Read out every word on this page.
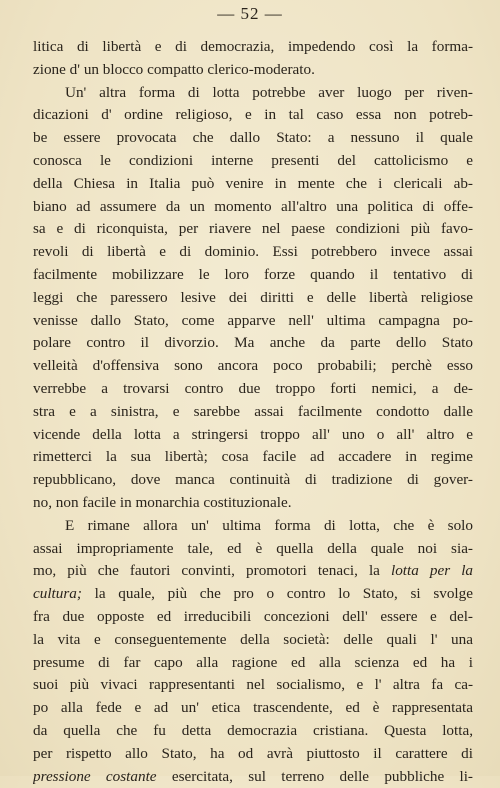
— 52 —
litica di libertà e di democrazia, impedendo così la forma-
zione d' un blocco compatto clerico-moderato.
Un' altra forma di lotta potrebbe aver luogo per riven-
dicazioni d' ordine religioso, e in tal caso essa non potreb-
be essere provocata che dallo Stato: a nessuno il quale
conosca le condizioni interne presenti del cattolicismo e
della Chiesa in Italia può venire in mente che i clericali ab-
biano ad assumere da un momento all'altro una politica di offe-
sa e di riconquista, per riavere nel paese condizioni più favo-
revoli di libertà e di dominio. Essi potrebbero invece assai
facilmente mobilizzare le loro forze quando il tentativo di
leggi che paressero lesive dei diritti e delle libertà religiose
venisse dallo Stato, come apparve nell' ultima campagna po-
polare contro il divorzio. Ma anche da parte dello Stato
velleità d'offensiva sono ancora poco probabili; perchè esso
verrebbe a trovarsi contro due troppo forti nemici, a de-
stra e a sinistra, e sarebbe assai facilmente condotto dalle
vicende della lotta a stringersi troppo all' uno o all' altro e
rimetterci la sua libertà; cosa facile ad accadere in regime
repubblicano, dove manca continuità di tradizione di gover-
no, non facile in monarchia costituzionale.
E rimane allora un' ultima forma di lotta, che è solo
assai impropriamente tale, ed è quella della quale noi sia-
mo, più che fautori convinti, promotori tenaci, la lotta per la
cultura; la quale, più che pro o contro lo Stato, si svolge
fra due opposte ed irreducibili concezioni dell' essere e del-
la vita e conseguentemente della società: delle quali l' una
presume di far capo alla ragione ed alla scienza ed ha i
suoi più vivaci rappresentanti nel socialismo, e l' altra fa ca-
po alla fede e ad un' etica trascendente, ed è rappresentata
da quella che fu detta democrazia cristiana. Questa lotta,
per rispetto allo Stato, ha od avrà piuttosto il carattere di
pressione costante esercitata, sul terreno delle pubbliche li-
